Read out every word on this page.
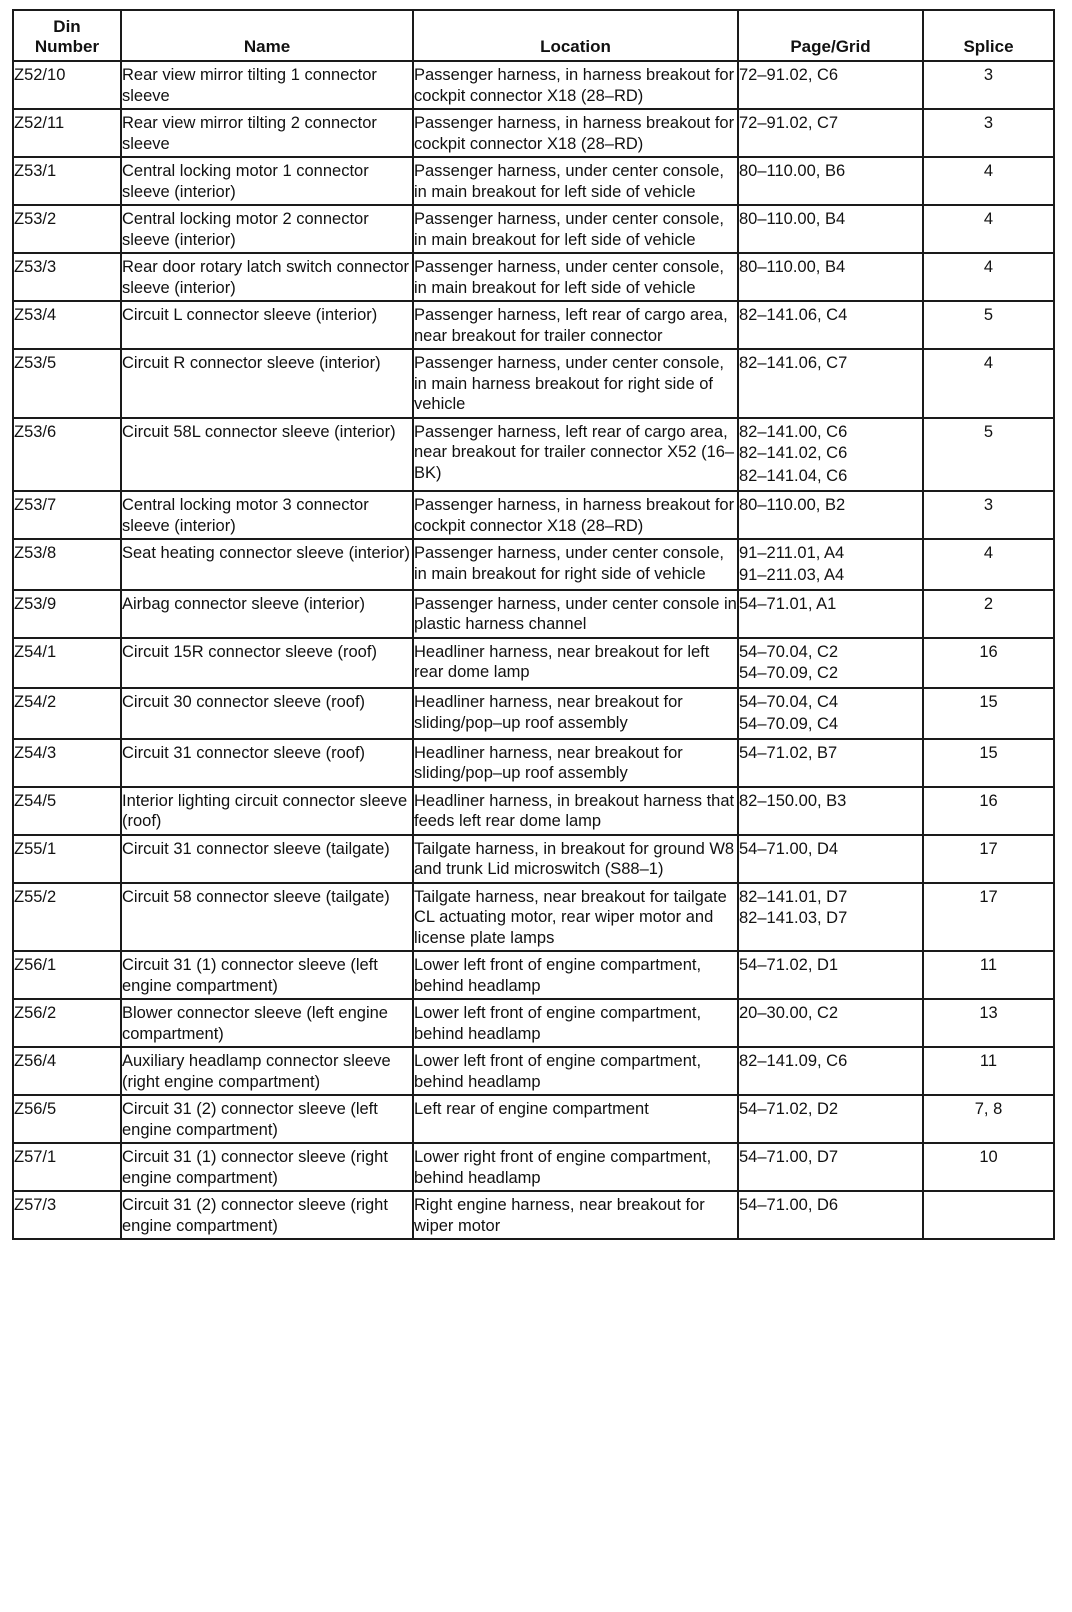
Din
Number	Name	Location	Page/Grid	Splice
Z52/10	Rear view mirror tilting 1 connector sleeve	Passenger harness, in harness breakout for cockpit connector X18 (28–RD)	72–91.02, C6	3
Z52/11	Rear view mirror tilting 2 connector sleeve	Passenger harness, in harness breakout for cockpit connector X18 (28–RD)	72–91.02, C7	3
Z53/1	Central locking motor 1 connector sleeve (interior)	Passenger harness, under center console, in main breakout for left side of vehicle	80–110.00, B6	4
Z53/2	Central locking motor 2 connector sleeve (interior)	Passenger harness, under center console, in main breakout for left side of vehicle	80–110.00, B4	4
Z53/3	Rear door rotary latch switch connector sleeve (interior)	Passenger harness, under center console, in main breakout for left side of vehicle	80–110.00, B4	4
Z53/4	Circuit L connector sleeve (interior)	Passenger harness, left rear of cargo area, near breakout for trailer connector	82–141.06, C4	5
Z53/5	Circuit R connector sleeve (interior)	Passenger harness, under center console, in main harness breakout for right side of vehicle	82–141.06, C7	4
Z53/6	Circuit 58L connector sleeve (interior)	Passenger harness, left rear of cargo area, near breakout for trailer connector X52 (16–BK)	82–141.00, C6
82–141.02, C6
82–141.04, C6	5
Z53/7	Central locking motor 3 connector sleeve (interior)	Passenger harness, in harness breakout for cockpit connector X18 (28–RD)	80–110.00, B2	3
Z53/8	Seat heating connector sleeve (interior)	Passenger harness, under center console, in main breakout for right side of vehicle	91–211.01, A4
91–211.03, A4	4
Z53/9	Airbag connector sleeve (interior)	Passenger harness, under center console in plastic harness channel	54–71.01, A1	2
Z54/1	Circuit 15R connector sleeve (roof)	Headliner harness, near breakout for left rear dome lamp	54–70.04, C2
54–70.09, C2	16
Z54/2	Circuit 30 connector sleeve (roof)	Headliner harness, near breakout for sliding/pop–up roof assembly	54–70.04, C4
54–70.09, C4	15
Z54/3	Circuit 31 connector sleeve (roof)	Headliner harness, near breakout for sliding/pop–up roof assembly	54–71.02, B7	15
Z54/5	Interior lighting circuit connector sleeve (roof)	Headliner harness, in breakout harness that feeds left rear dome lamp	82–150.00, B3	16
Z55/1	Circuit 31 connector sleeve (tailgate)	Tailgate harness, in breakout for ground W8 and trunk Lid microswitch (S88–1)	54–71.00, D4	17
Z55/2	Circuit 58 connector sleeve (tailgate)	Tailgate harness, near breakout for tailgate CL actuating motor, rear wiper motor and license plate lamps	82–141.01, D7
82–141.03, D7	17
Z56/1	Circuit 31 (1) connector sleeve (left engine compartment)	Lower left front of engine compartment, behind headlamp	54–71.02, D1	11
Z56/2	Blower connector sleeve (left engine compartment)	Lower left front of engine compartment, behind headlamp	20–30.00, C2	13
Z56/4	Auxiliary headlamp connector sleeve (right engine compartment)	Lower left front of engine compartment, behind headlamp	82–141.09, C6	11
Z56/5	Circuit 31 (2) connector sleeve (left engine compartment)	Left rear of engine compartment	54–71.02, D2	7, 8
Z57/1	Circuit 31 (1) connector sleeve (right engine compartment)	Lower right front of engine compartment, behind headlamp	54–71.00, D7	10
Z57/3	Circuit 31 (2) connector sleeve (right engine compartment)	Right engine harness, near breakout for wiper motor	54–71.00, D6	
